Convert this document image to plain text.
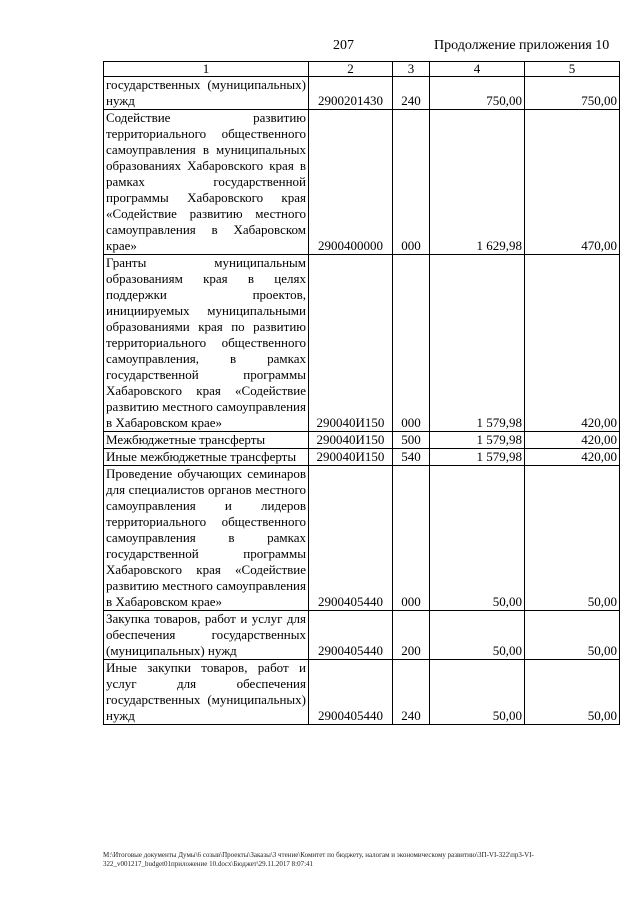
207	Продолжение приложения 10
1	2	3	4	5
государственных (муниципальных) нужд	2900201430	240	750,00	750,00
Содействие развитию территориального общественного самоуправления в муниципальных образованиях Хабаровского края в рамках государственной программы Хабаровского края «Содействие развитию местного самоуправления в Хабаровском крае»	2900400000	000	1 629,98	470,00
Гранты муниципальным образованиям края в целях поддержки проектов, инициируемых муниципальными образованиями края по развитию территориального общественного самоуправления, в рамках государственной программы Хабаровского края «Содействие развитию местного самоуправления в Хабаровском крае»	290040И150	000	1 579,98	420,00
Межбюджетные трансферты	290040И150	500	1 579,98	420,00
Иные межбюджетные трансферты	290040И150	540	1 579,98	420,00
Проведение обучающих семинаров для специалистов органов местного самоуправления и лидеров территориального общественного самоуправления в рамках государственной программы Хабаровского края «Содействие развитию местного самоуправления в Хабаровском крае»	2900405440	000	50,00	50,00
Закупка товаров, работ и услуг для обеспечения государственных (муниципальных) нужд	2900405440	200	50,00	50,00
Иные закупки товаров, работ и услуг для обеспечения государственных (муниципальных) нужд	2900405440	240	50,00	50,00
M:\Итоговые документы Думы\6 созыв\Проекты\Заказы\3 чтение\Комитет по бюджету, налогам и экономическому развитию\3П-VI-322\пр3-VI-322_v001217_budget01приложение 10.docx\Бюджет\29.11.2017 8:07:41
